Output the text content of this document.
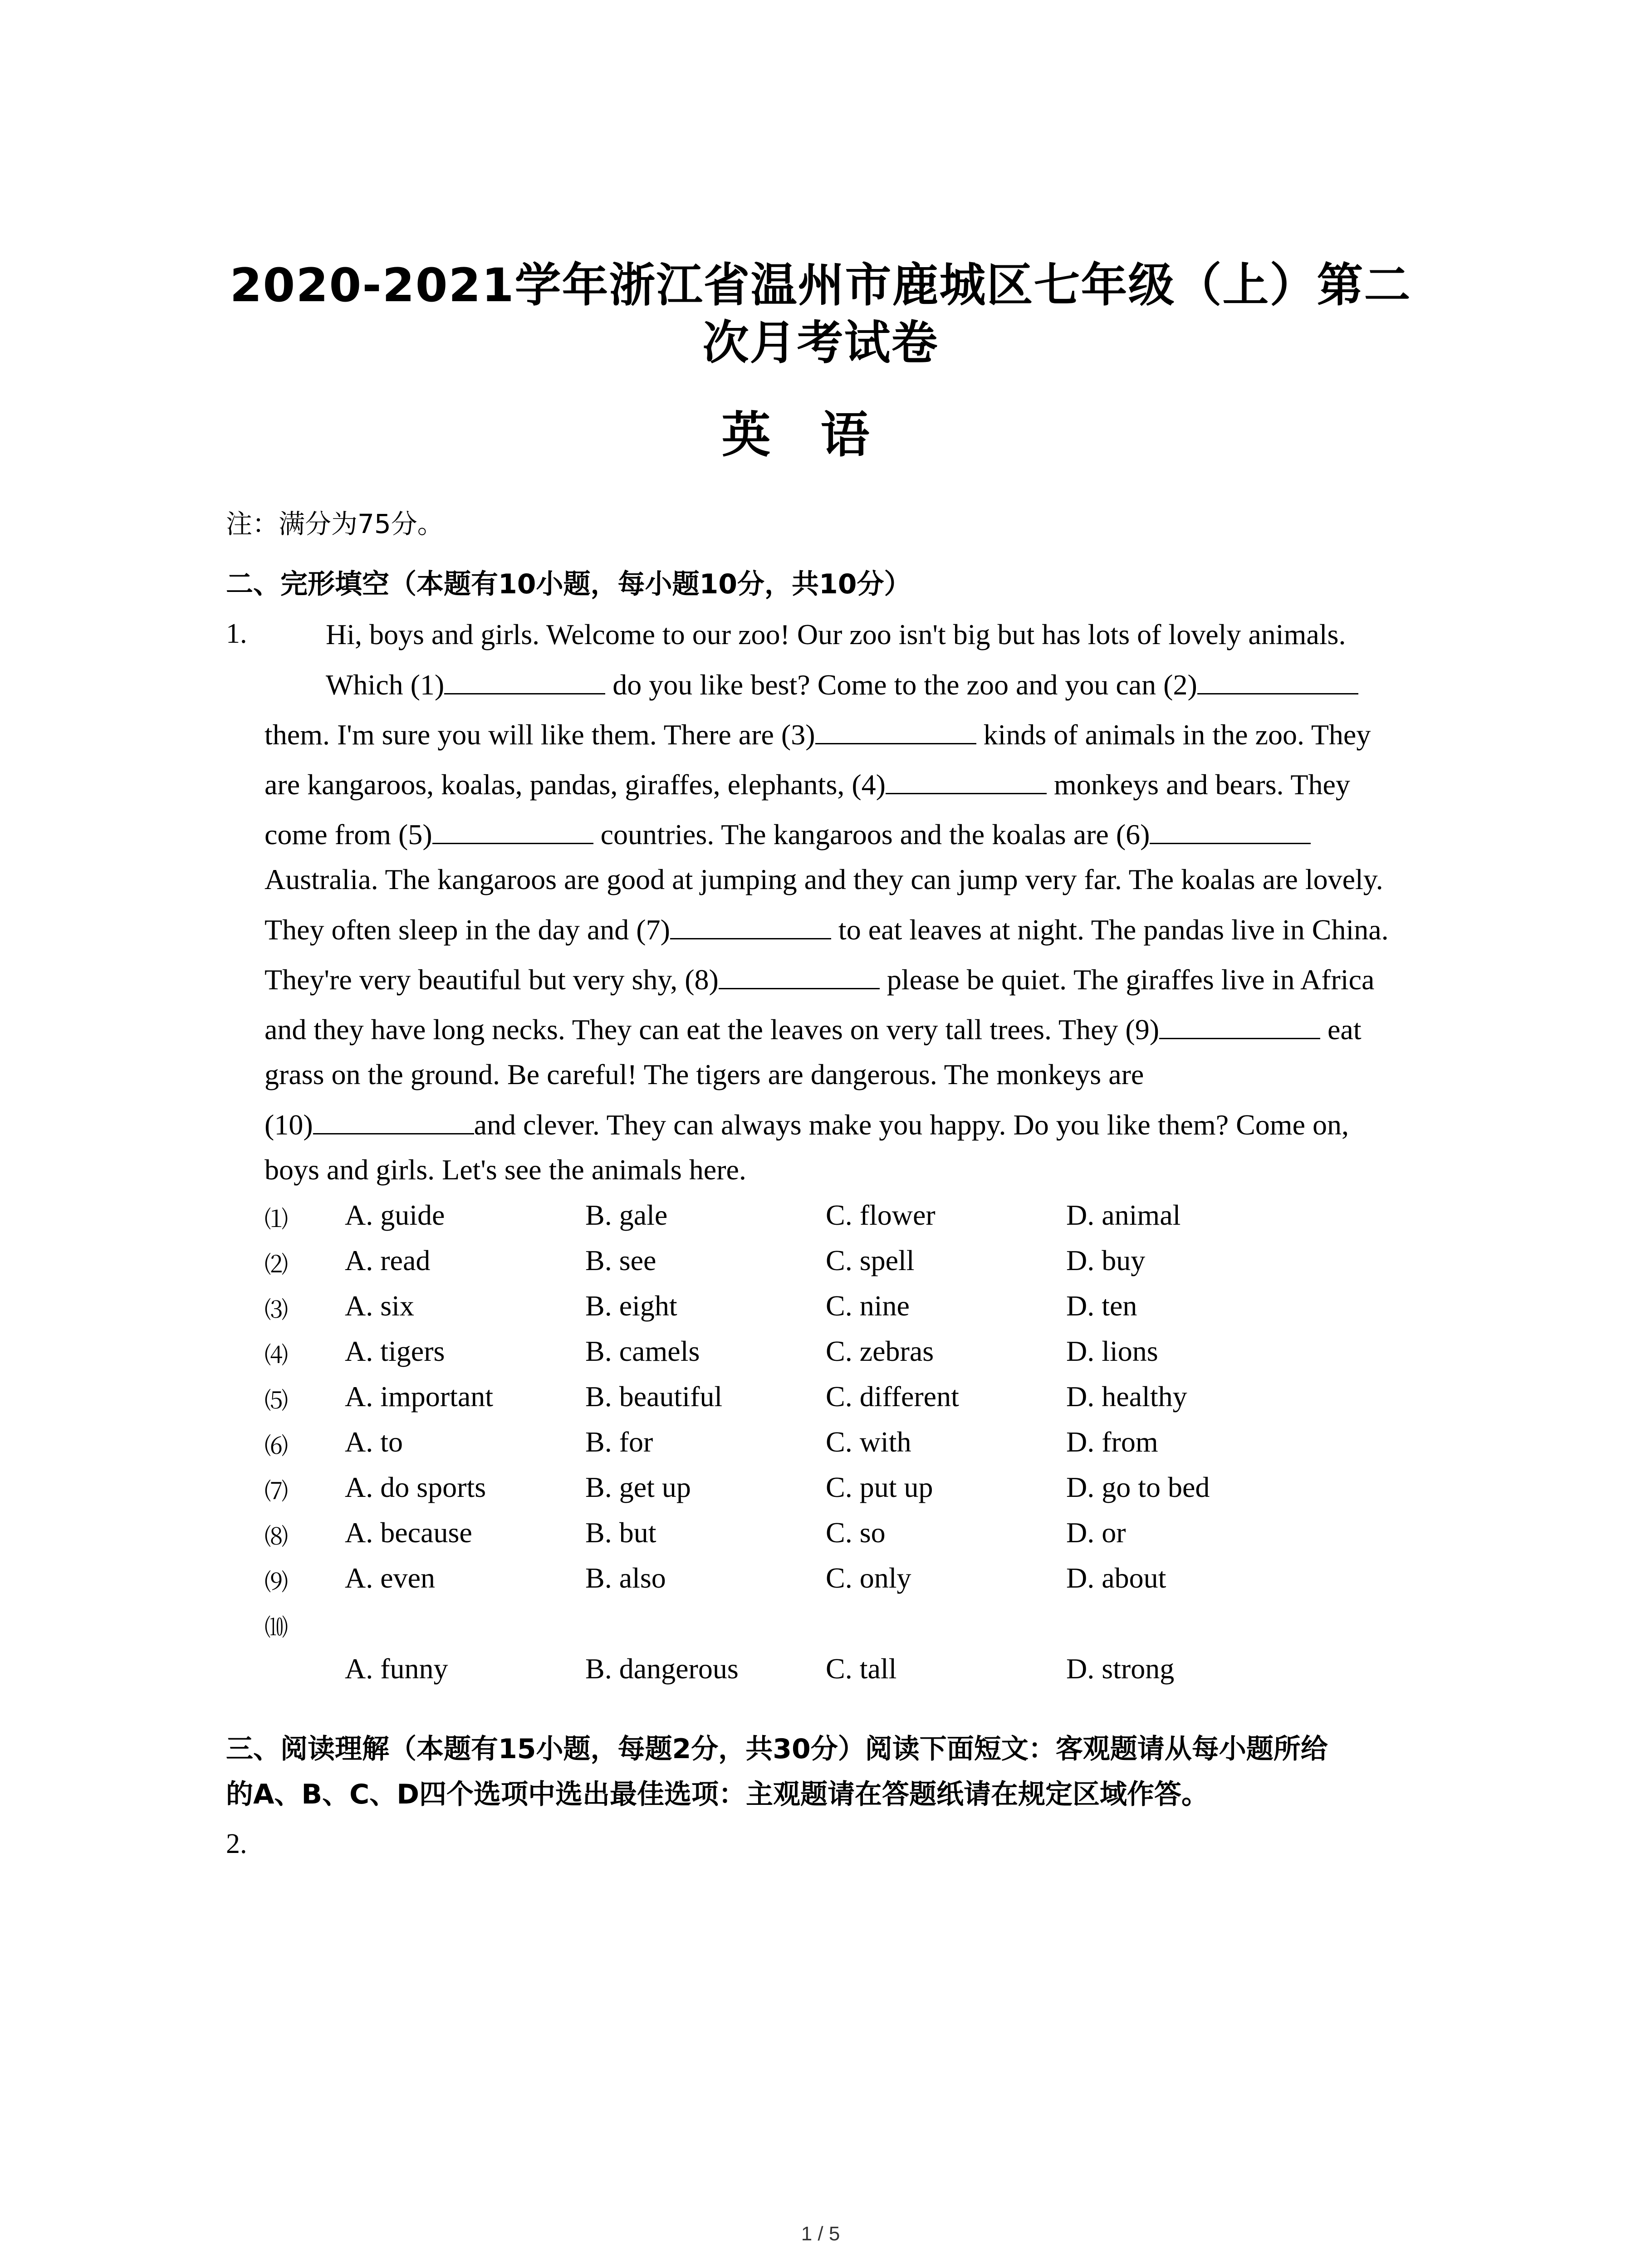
2020-2021学年浙江省温州市鹿城区七年级（上）第二
次月考试卷
英语
注：满分为75分。
二、完形填空（本题有10小题，每小题10分，共10分）
1.	Hi, boys and girls. Welcome to our zoo! Our zoo isn't big but has lots of lovely animals.
Which (1)	do you like best? Come to the zoo and you can (2)
them. I'm sure you will like them. There are (3)	kinds of animals in the zoo. They
are kangaroos, koalas, pandas, giraffes, elephants, (4)	monkeys and bears. They
come from (5)	countries. The kangaroos and the koalas are (6)
Australia. The kangaroos are good at jumping and they can jump very far. The koalas are lovely.
They often sleep in the day and (7)	to eat leaves at night. The pandas live in China.
They're very beautiful but very shy, (8)	please be quiet. The giraffes live in Africa
and they have long necks. They can eat the leaves on very tall trees. They (9)	eat
grass on the ground. Be careful! The tigers are dangerous. The monkeys are
(10)	and clever. They can always make you happy. Do you like them? Come on,
boys and girls. Let's see the animals here.
⑴ A. guide	B. gale	C. flower	D. animal
⑵ A. read	B. see	C. spell	D. buy
⑶ A. six	B. eight	C. nine	D. ten
⑷ A. tigers	B. camels	C. zebras	D. lions
⑸ A. important	B. beautiful	C. different	D. healthy
⑹ A. to	B. for	C. with	D. from
⑺ A. do sports	B. get up	C. put up	D. go to bed
⑻ A. because	B. but	C. so	D. or
⑼ A. even	B. also	C. only	D. about
⑽
A. funny	B. dangerous	C. tall	D. strong
三、阅读理解（本题有15小题，每题2分，共30分）阅读下面短文：客观题请从每小题所给
的A、B、C、D四个选项中选出最佳选项：主观题请在答题纸请在规定区域作答。
2.
1 / 5
